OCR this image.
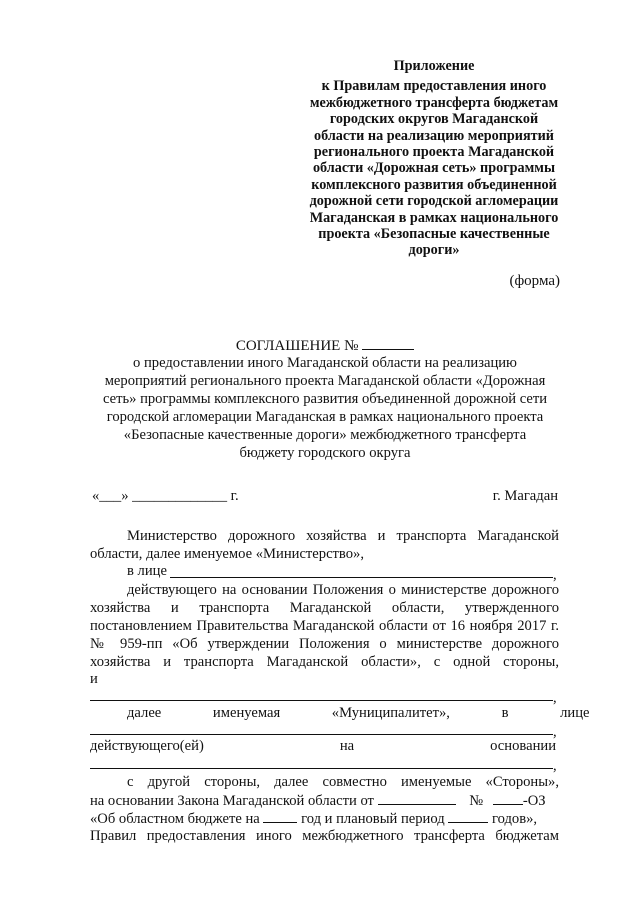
Приложение
к Правилам предоставления иного
межбюджетного трансферта бюджетам
городских округов Магаданской
области на реализацию мероприятий
регионального проекта Магаданской
области «Дорожная сеть» программы
комплексного развития объединенной
дорожной сети городской агломерации
Магаданская в рамках национального
проекта «Безопасные качественные
дороги»
(форма)
СОГЛАШЕНИЕ №
о предоставлении иного Магаданской области на реализацию
мероприятий регионального проекта Магаданской области «Дорожная
сеть» программы комплексного развития объединенной дорожной сети
городской агломерации Магаданская в рамках национального проекта
«Безопасные качественные дороги» межбюджетного трансферта
бюджету городского округа
«___» _____________ г.	г. Магадан
Министерство дорожного хозяйства и транспорта Магаданской
области, далее именуемое «Министерство»,
в лице	,
действующего на основании Положения о министерстве дорожного
хозяйства и транспорта Магаданской области, утвержденного
постановлением Правительства Магаданской области от 16 ноября 2017 г.
№ 959-пп «Об утверждении Положения о министерстве дорожного
хозяйства и транспорта Магаданской области», с одной стороны,
и
,
далее именуемая «Муниципалитет», в лице
,
действующего(ей) на основании
,
с другой стороны, далее совместно именуемые «Стороны»,
на основании Закона Магаданской области от	№	-ОЗ
«Об областном бюджете на	год и плановый период	годов»,
Правил предоставления иного межбюджетного трансферта бюджетам
